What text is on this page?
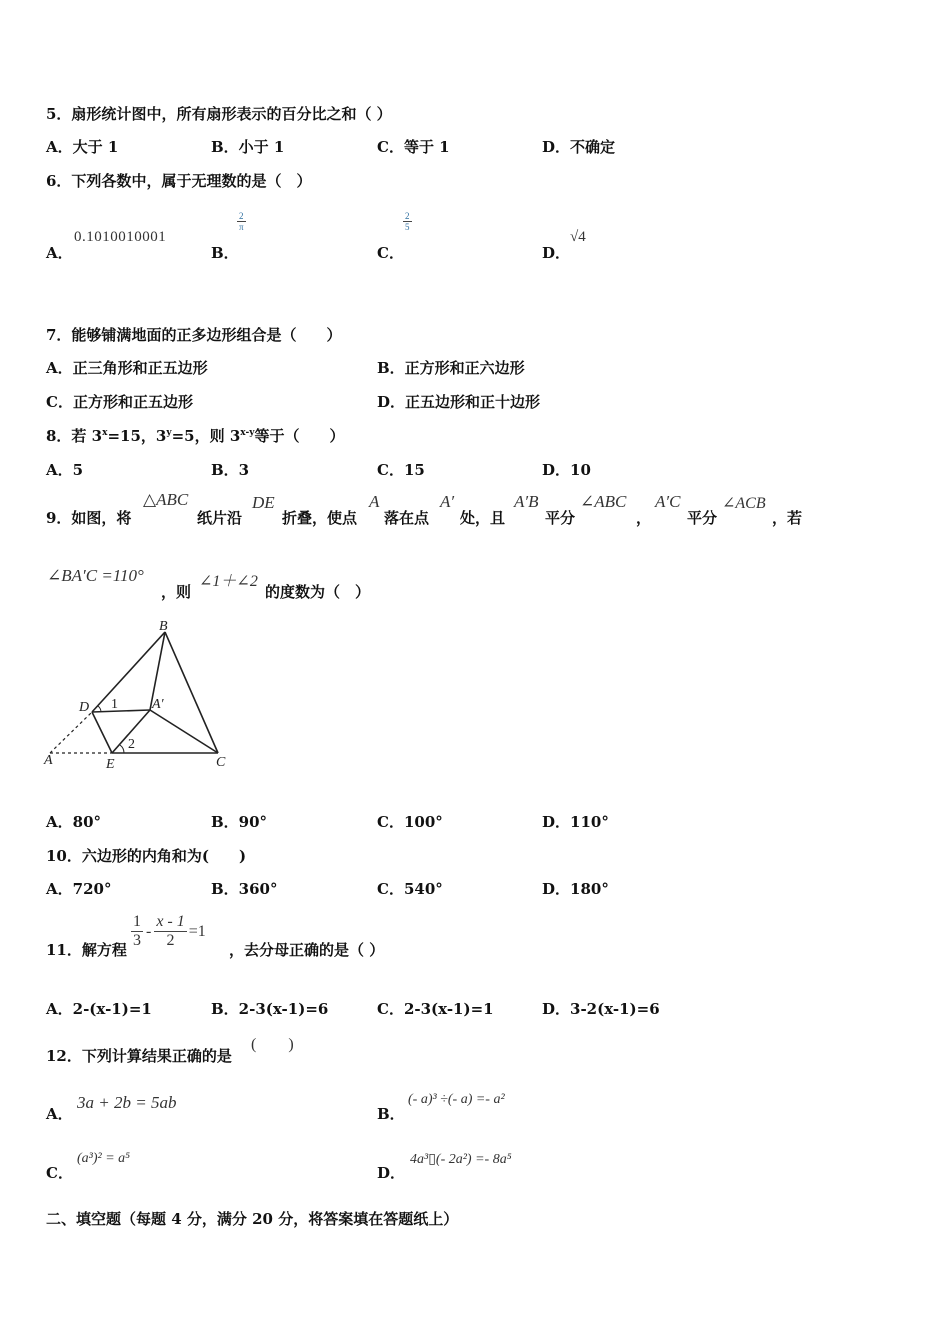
5．扇形统计图中，所有扇形表示的百分比之和（ ）
A．大于 1	B．小于 1	C．等于 1	D．不确定
6．下列各数中，属于无理数的是（　）
A．
0.1010010001
B．
$\frac{2}{\pi}$
C．
$\frac{2}{5}$
D．
√4
7．能够铺满地面的正多边形组合是（　　）
A．正三角形和正五边形	B．正方形和正六边形
C．正方形和正五边形	D．正五边形和正十边形
8．若 $3^x=15$，$3^y=5$，则 3$^{x-y}$等于（　　）
A．5	B．3	C．15	D．10
9．如图，将
△ABC
纸片沿
DE
折叠，使点
A
落在点
A′
处，且
A′B
平分
∠ABC
，
A′C
平分
∠ACB
，若
∠BA′C =110°
，则
∠1＋∠2
的度数为（　）
B
D 1 A′
2
A	E	C
A．80°	B．90°	C．100°	D．110°
10．六边形的内角和为(　　)
A．720°	B．360°	C．540°	D．180°
11．解方程 $\frac{1}{3} - \frac{x - 1}{2} =1$
，去分母正确的是（ ）
A．2-(x-1)=1	B．2-3(x-1)=6	C．2-3(x-1)=1	D．3-2(x-1)=6
12．下列计算结果正确的是
(　　)
A．
3a + 2b = 5ab
B．
(- a)³ ÷(- a) =- a²
C．
(a³)² = a⁵
D．
4a³▯(- 2a²) =- 8a⁵
二、填空题（每题 4 分，满分 20 分，将答案填在答题纸上）
